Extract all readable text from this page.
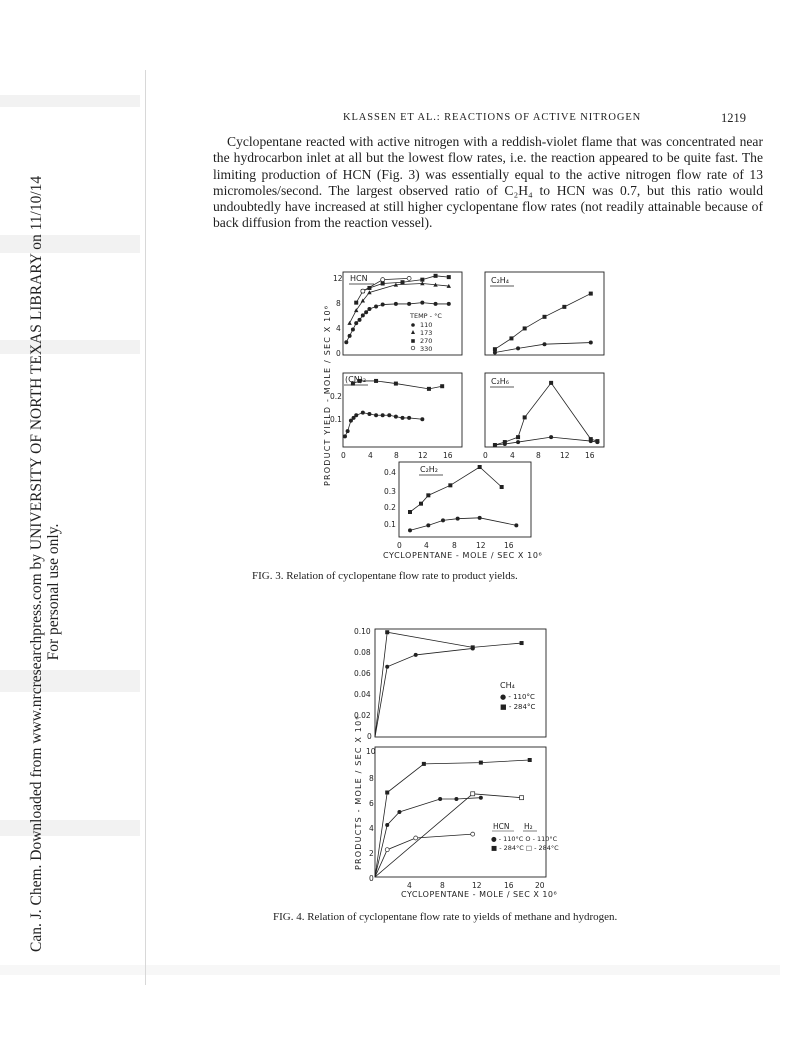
Can. J. Chem. Downloaded from www.nrcresearchpress.com by UNIVERSITY OF NORTH TEXAS LIBRARY on 11/10/14 For personal use only.
KLASSEN ET AL.: REACTIONS OF ACTIVE NITROGEN	1219

Cyclopentane reacted with active nitrogen with a reddish-violet flame that was concentrated near the hydrocarbon inlet at all but the lowest flow rates, i.e. the reaction appeared to be quite fast. The limiting production of HCN (Fig. 3) was essentially equal to the active nitrogen flow rate of 13 micromoles/second. The largest observed ratio of C₂H₄ to HCN was 0.7, but this ratio would undoubtedly have increased at still higher cyclopentane flow rates (not readily attainable because of back diffusion from the reaction vessel).

HCN	C₂H₄
(CN)₂	C₂H₆
C₂H₂
TEMP - °C
110
173
270
330
12
8
4
0
0.2
0.1
0	4	8	12 16	0	4	8	12 16
0.4
0.3
0.2
0.1
0	4	8	12 16
PRODUCT YIELD - MOLE / SEC X 10⁶
CYCLOPENTANE - MOLE / SEC X 10⁶
0.10
0.08
0.06
0.04
0.02
0
10
8
6
4
2
0
4	8	12	16	20
CYCLOPENTANE - MOLE / SEC X 10⁶
PRODUCTS - MOLE / SEC X 10⁶
CH₄
● - 110°C
■ - 284°C
HCN H₂
● - 110°C O - 110°C
■ - 284°C □ - 284°C
FIG. 3. Relation of cyclopentane flow rate to product yields.
FIG. 4. Relation of cyclopentane flow rate to yields of methane and hydrogen.
